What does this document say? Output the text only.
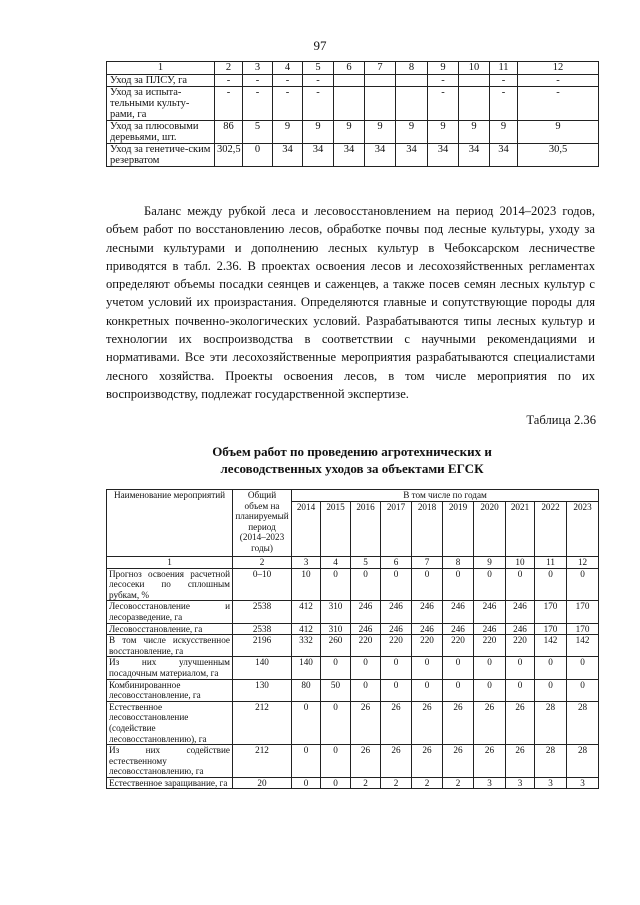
97
1	2	3	4	5	6	7	8	9	10	11	12
Уход за ПЛСУ, га	-	-	-	-				-		-	-
Уход за испыта-тельными культу-рами, га	-	-	-	-				-		-	-
Уход за плюсовыми деревьями, шт.	86	5	9	9	9	9	9	9	9	9	9
Уход за генетиче-ским резерватом	302,5	0	34	34	34	34	34	34	34	34	30,5

Баланс между рубкой леса и лесовосстановлением на период 2014–2023 годов, объем работ по восстановлению лесов, обработке почвы под лесные культуры, уходу за лесными культурами и дополнению лесных культур в Чебоксарском лесничестве приводятся в табл. 2.36. В проектах освоения лесов и лесохозяйственных регламентах определяют объемы посадки сеянцев и саженцев, а также посев семян лесных культур с учетом условий их произрастания. Определяются главные и сопутствующие породы для конкретных почвенно-экологических условий. Разрабатываются типы лесных культур и технологии их воспроизводства в соответствии с научными рекомендациями и нормативами. Все эти лесохозяйственные мероприятия разрабатываются специалистами лесного хозяйства. Проекты освоения лесов, в том числе мероприятия по их воспроизводству, подлежат государственной экспертизе.

Таблица 2.36
Объем работ по проведению агротехнических и
лесоводственных уходов за объектами ЕГСК
Наименование мероприятий	Общий объем на планируемый период (2014–2023 годы)	В том числе по годам									
		2014	2015	2016	2017	2018	2019	2020	2021	2022	2023
1	2	3	4	5	6	7	8	9	10	11	12
Прогноз освоения расчетной лесосеки по сплошным рубкам, %	0–10	10	0	0	0	0	0	0	0	0	0
Лесовосстановление и лесоразведение, га	2538	412	310	246	246	246	246	246	246	170	170
Лесовосстановление, га	2538	412	310	246	246	246	246	246	246	170	170
В том числе искусственное восстановление, га	2196	332	260	220	220	220	220	220	220	142	142
Из них улучшенным посадочным материалом, га	140	140	0	0	0	0	0	0	0	0	0
Комбинированное лесовосстановление, га	130	80	50	0	0	0	0	0	0	0	0
Естественное лесовосстановление (содействие лесовосстановлению), га	212	0	0	26	26	26	26	26	26	28	28
Из них содействие естественному лесовосстановлению, га	212	0	0	26	26	26	26	26	26	28	28
Естественное заращивание, га	20	0	0	2	2	2	2	3	3	3	3
